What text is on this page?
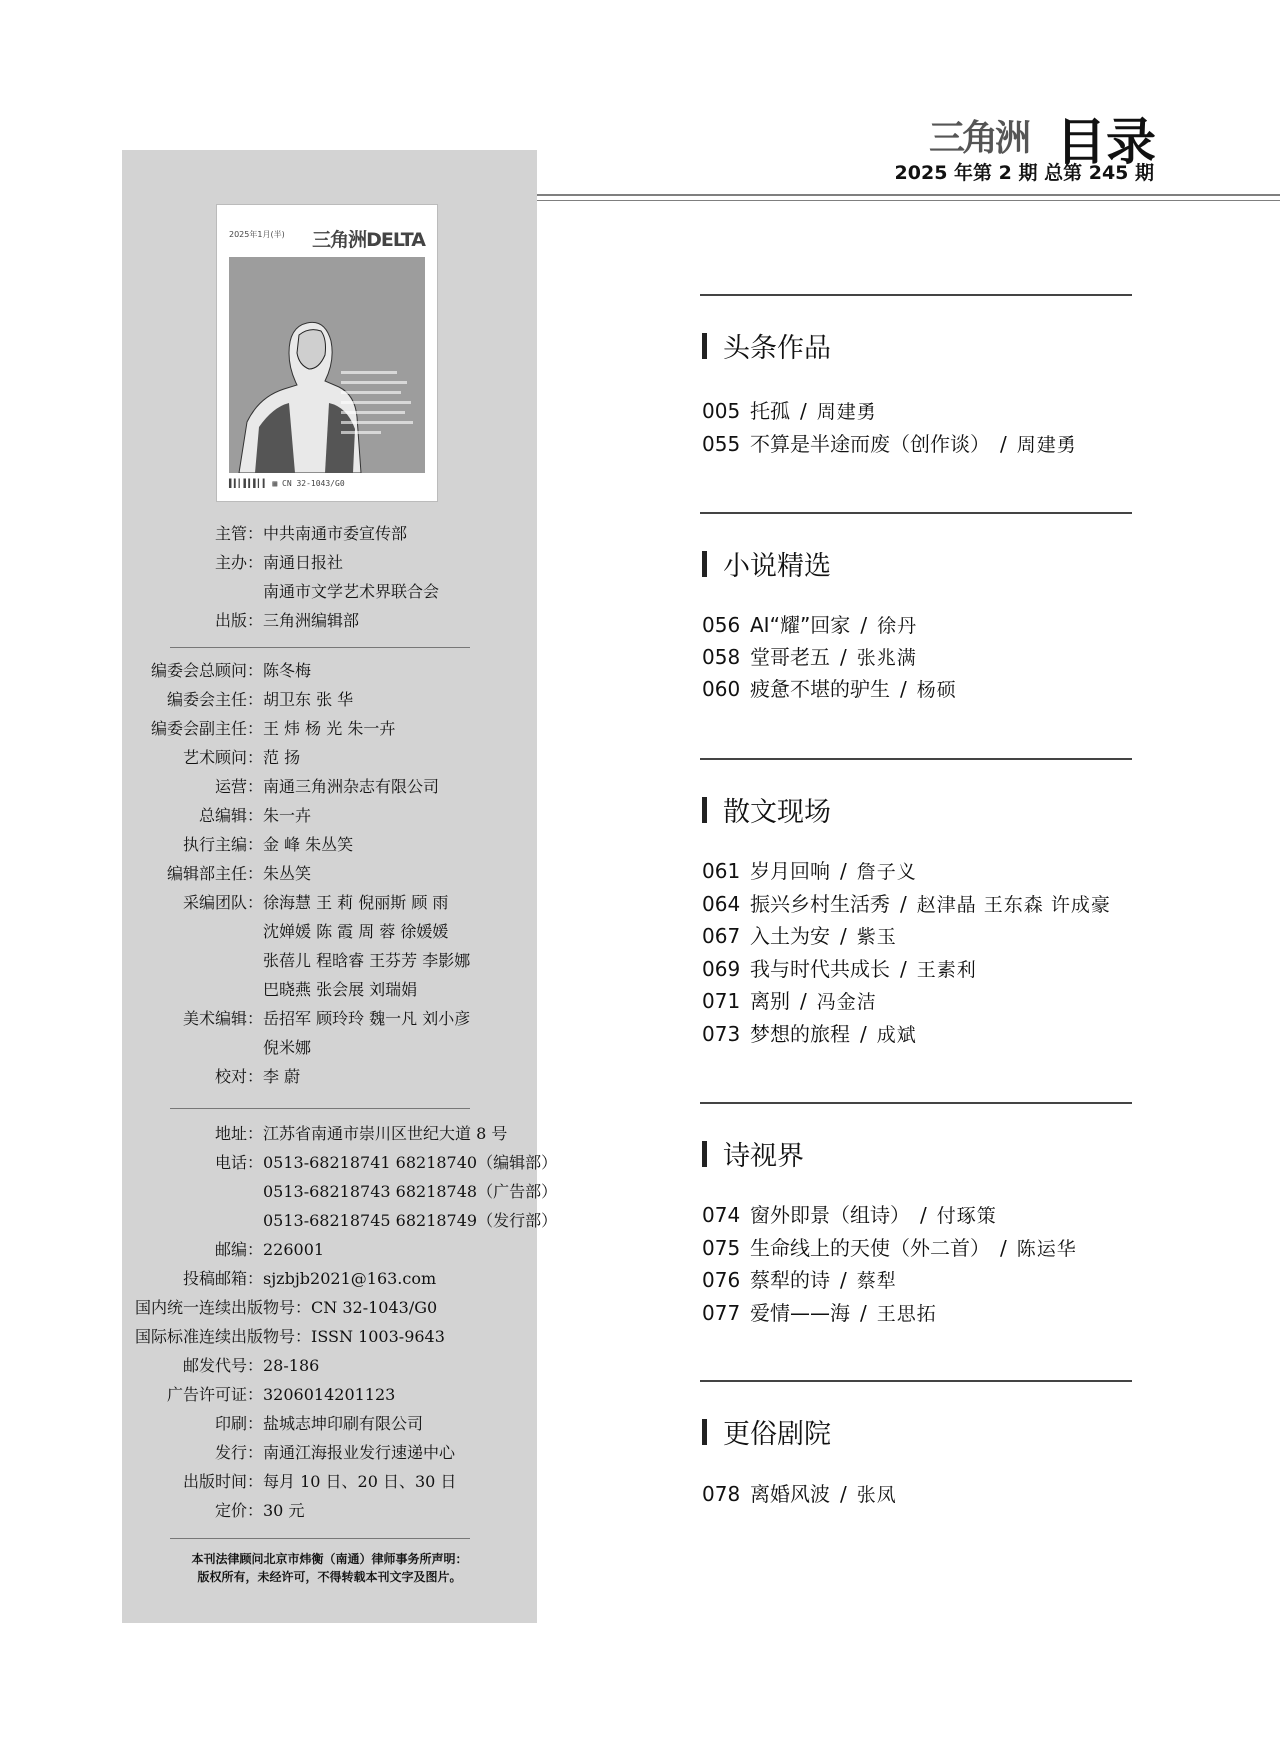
三角洲 目录
2025 年第 2 期 总第 245 期
2025年1月(半) 三角洲DELTA
▌▍▎▌▍▌▎▍ ▦ CN 32-1043/G0
主管： 中共南通市委宣传部
主办： 南通日报社
南通市文学艺术界联合会
出版： 三角洲编辑部
编委会总顾问： 陈冬梅
编委会主任： 胡卫东 张 华
编委会副主任： 王 炜 杨 光 朱一卉
艺术顾问： 范 扬
运营： 南通三角洲杂志有限公司
总编辑： 朱一卉
执行主编： 金 峰 朱丛笑
编辑部主任： 朱丛笑
采编团队： 徐海慧 王 莉 倪丽斯 顾 雨
沈婵媛 陈 霞 周 蓉 徐媛媛
张蓓儿 程晗睿 王芬芳 李影娜
巴晓燕 张会展 刘瑞娟
美术编辑： 岳招军 顾玲玲 魏一凡 刘小彦
倪米娜
校对： 李 蔚
地址： 江苏省南通市崇川区世纪大道 8 号
电话： 0513-68218741 68218740（编辑部）
0513-68218743 68218748（广告部）
0513-68218745 68218749（发行部）
邮编： 226001
投稿邮箱： sjzbjb2021@163.com
国内统一连续出版物号： CN 32-1043/G0
国际标准连续出版物号： ISSN 1003-9643
邮发代号： 28-186
广告许可证： 3206014201123
印刷： 盐城志坤印刷有限公司
发行： 南通江海报业发行速递中心
出版时间： 每月 10 日、20 日、30 日
定价： 30 元
本刊法律顾问北京市炜衡（南通）律师事务所声明：
版权所有，未经许可，不得转载本刊文字及图片。
头条作品
005 托孤 / 周建勇
055 不算是半途而废（创作谈） / 周建勇
小说精选
056 AI“耀”回家 / 徐丹
058 堂哥老五 / 张兆满
060 疲惫不堪的驴生 / 杨硕
散文现场
061 岁月回响 / 詹子义
064 振兴乡村生活秀 / 赵津晶 王东森 许成豪
067 入土为安 / 紫玉
069 我与时代共成长 / 王素利
071 离别 / 冯金洁
073 梦想的旅程 / 成斌
诗视界
074 窗外即景（组诗） / 付琢策
075 生命线上的天使（外二首） / 陈运华
076 蔡犁的诗 / 蔡犁
077 爱情——海 / 王思拓
更俗剧院
078 离婚风波 / 张凤
